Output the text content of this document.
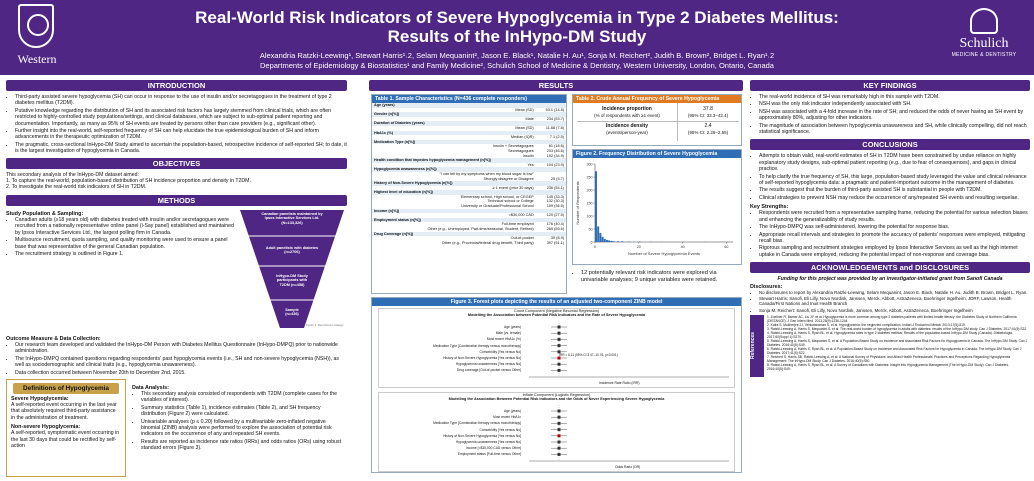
Western
Real-World Risk Indicators of Severe Hypoglycemia in Type 2 Diabetes Mellitus:
Results of the InHypo-DM Study
Alexandria Ratzki-Leewing¹, Stewart Harris¹˒2, Selam Mequanint², Jason E. Black¹, Natalie H. Au¹, Sonja M. Reichert², Judith B. Brown², Bridget L. Ryan¹˒2
Departments of Epidemiology & Biostatistics¹ and Family Medicine², Schulich School of Medicine & Dentistry, Western University, London, Ontario, Canada
Schulich
MEDICINE & DENTISTRY
INTRODUCTION
• Third-party assisted severe hypoglycemia (SH) can occur in response to the use of insulin and/or secretagogues in the treatment of type 2 diabetes mellitus (T2DM).
• Putative knowledge regarding the distribution of SH and its associated risk factors has largely stemmed from clinical trials, which are often restricted to highly-controlled study populations/settings, and clinical databases, which are subject to sub-optimal patient reporting and documentation. Importantly, as many as 95% of SH events are treated by persons other than care providers (e.g., significant other).
• Further insight into the real-world, self-reported frequency of SH can help elucidate the true epidemiological burden of SH and inform advancements in the therapeutic optimization of T2DM.
• The pragmatic, cross-sectional InHypo-DM Study aimed to ascertain the population-based, retrospective incidence of self-reported SH; to date, it is the largest investigation of hypoglycemia in Canada.
OBJECTIVES
This secondary analysis of the InHypo-DM dataset aimed:
1. To capture the real-world, population-based distribution of SH incidence proportion and density in T2DM.
2. To investigate the real-world risk indicators of SH in T2DM.
METHODS
Study Population & Sampling:
• Canadian adults (≥18 years old) with diabetes treated with insulin and/or secretagogues were recruited from a nationally representative online panel (i-Say panel) established and maintained by Ipsos Interactive Services Ltd., the largest polling firm in Canada.
• Multisource recruitment, quota sampling, and quality monitoring were used to ensure a panel base that was representative of the general Canadian population.
• The recruitment strategy is outlined in Figure 1.
Canadian panelists maintained by Ipsos Interactive Services Ltd. (N=133,326)
Adult panelists with diabetes (n=2706)
InHypo-DM Study participants with T2DM (n=458)
Sample (n=436)
Figure 1. Recruitment strategy
Outcome Measure & Data Collection:
• Our research team developed and validated the InHypo-DM Person with Diabetes Mellitus Questionnaire (InHypo-DMPQ) prior to nationwide administration.
• The InHypo-DMPQ contained questions regarding respondents' past hypoglycemia events (i.e., SH and non-severe hypoglycemia (NSH)), as well as sociodemographic and clinical traits (e.g., hypoglycemia unawareness).
• Data collection occurred between November 20th to December 2nd, 2015.
Definitions of Hypoglycemia
Severe Hypoglycemia:
A self-reported event occurring in the last year that absolutely required third-party assistance in the administration of treatment.
Non-severe Hypoglycemia:
A self-reported, symptomatic event occurring in the last 30 days that could be rectified by self-action
Data Analysis:
• This secondary analysis consisted of respondents with T2DM (complete cases for the variables of interest).
• Summary statistics (Table 1), incidence estimates (Table 2), and SH frequency distribution (Figure 2) were calculated.
• Univariable analyses (p ≤ 0.20) followed by a multivariable zero-inflated negative binomial (ZINB) analysis were performed to explore the association of potential risk indicators on the occurrence of any and repeated SH events.
• Results are reported as incidence rate ratios (IRRs) and odds ratios (ORs) using robust standard errors (Figure 3).
RESULTS
Table 1. Sample Characteristics (N=436 complete responders)
Age (years)	
Mean (SD)	53.1 (14.8)
Gender (n[%])	
Male	234 (53.7)
Duration of Diabetes (years)	
Mean (SD)	11.68 (7.8)
HbA1c (%)	
Median (IQR)	7.1 (2.5)
Medication Type (n[%])	
Insulin + Secretagogues	81 (18.6)
Secretagogues	203 (46.6)
Insulin	152 (34.9)
Health condition that impedes hypoglycemia management (n[%])	
Yes	104 (23.9)
Hypoglycemia unawareness (n[%])	
"I can tell by my symptoms when my blood sugar is low"	
Strongly disagree or Disagree	25 (5.7)
History of Non-Severe Hypoglycemia (n[%])	
≥ 1 event (prior 30 days)	236 (54.1)
Highest level of education (n[%])	
Elementary school, High school, or CEGEP	145 (33.3)
Technical school or College	132 (30.3)
University or Graduate/Professional School	159 (36.5)
Income (n[%])	
<$30,000 CAD	120 (27.5)
Employment status (n[%])	
Full-time employed	176 (40.4)
Other (e.g., Unemployed, Part-time/seasonal, Student, Retired)	260 (59.6)
Drug Coverage (n[%])	
Out-of-pocket	39 (8.9)
Other (e.g., Provincial/federal drug benefit, Third party)	397 (91.1)
Table 2. Crude Annual Frequency of Severe Hypoglycemia
Incidence proportion
(% of respondents with ≥1 event)
37.8
(95% CI: 33.3–42.4)
Incidence density
(events/person-year)
2.4
(95% CI: 2.26–2.55)
Figure 2. Frequency Distribution of Severe Hypoglycemia
0
50
100
150
200
250
300
0	20	40	60
Number of Severe Hypoglycemia Events
Number of Respondents
• 12 potentially relevant risk indicators were explored via univariable analyses; 9 unique variables were retained.
Figure 3. Forest plots depicting the results of an adjusted two-component ZINB model
Count Component (Negative Binomial Regression)
Modelling the Association between Potential Risk Indicators and the Rate of Severe Hypoglycemia
Age (years)
Male (vs. female)
Most recent HbA1c (%)
Medication Type [Combination therapy versus monotherapy]
Comorbidity [Yes versus No]
History of Non-Severe Hypoglycemia [Yes versus No]
Hypoglycemia unawareness [Yes versus No]
Drug coverage [Out-of-pocket versus Other]
IRR = 6.11 (95% CI 3.47–10.76, p<0.001)
Incidence Rate Ratio (IRR)
Inflate Component (Logistic Regression)
Modelling the Association Between Potential Risk Indicators and the Odds of Never Experiencing Severe Hypoglycemia
Age (years)
Most recent HbA1c
Medication Type [Combination therapy versus monotherapy]
Comorbidity [Yes versus No]
History of Non-Severe Hypoglycemia [Yes versus No]
Hypoglycemia unawareness [Yes versus No]
Income [<$30,000 CAD versus Other]
Employment status [Full-time versus Other]
Odds Ratio (OR)
KEY FINDINGS
• The real-world incidence of SH was remarkably high in this sample with T2DM.
• NSH was the only risk indicator independently associated with SH.
• NSH was associated with a 4-fold increase in the rate of SH; and reduced the odds of never having an SH event by approximately 80%, adjusting for other indicators.
• The magnitude of association between hypoglycemia unawareness and SH, while clinically compelling, did not reach statistical significance.
CONCLUSIONS
• Attempts to obtain valid, real-world estimates of SH in T2DM have been constrained by undue reliance on highly explanatory study designs, sub-optimal patient reporting (e.g., due to fear of consequences), and gaps in clinical practice.
• To help clarify the true frequency of SH, this large, population-based study leveraged the value and clinical relevance of self-reported hypoglycemia data: a pragmatic and patient-important outcome in the management of diabetes.
• The results suggest that the burden of third-party assisted SH is substantial in people with T2DM.
• Clinical strategies to prevent NSH may reduce the occurrence of any/repeated SH events and resulting sequelae.
Key Strengths:
• Respondents were recruited from a representative sampling frame, reducing the potential for various selection biases and enhancing the generalizability of study results.
• The InHypo-DMPQ was self-administered, lowering the potential for response bias.
• Appropriate recall intervals and strategies to promote the accuracy of patients' responses were employed, mitigating recall bias.
• Rigorous sampling and recruitment strategies employed by Ipsos Interactive Services as well as the high internet uptake in Canada were employed, reducing the potential impact of non-response and coverage bias.
ACKNOWLEDGEMENTS and DISCLOSURES
Funding for this project was provided by an investigator-initiated grant from Sanofi Canada
Disclosures:
• No disclosures to report by Alexandria Ratzki-Leewing, Selam Mequanint, Jason E. Black, Natalie H. Au, Judith B. Brown, Bridget L. Ryan.
• Stewart Harris: Sanofi, Eli Lilly, Novo Nordisk, Janssen, Merck, Abbott, AstraZeneca, Boehringer Ingelheim, JDRF, Lawson, Health Canada/First Nations and Inuit Health Branch
• Sonja M. Reichert: Sanofi, Eli Lilly, Novo Nordisk, Janssen, Merck, Abbott, AstraZeneca, Boehringer Ingelheim
References
1. Zoellner R, Barner AC, Liu JY, et al. Hypoglycemia is more common among type 2 diabetes patients with limited health literacy: the Diabetes Study of Northern California (DISTANCE). J Gen Intern Med. 2013;28(9):1236-1244.
2. Kalra S, Mukherjee JJ, Venkataraman S, et al. Hypoglycemia: the neglected complication. Indian J Endocrinol Metab. 2013;17(5):819.
3. Ratzki-Leewing A, Harris S, Mequanint S, et al. The real-world burden of hypoglycemia in adults with diabetes: results of the InHypo-DM study. Can J Diabetes. 2017;41(5):S22.
4. Ratzki-Leewing A, Harris S, Ryan BL, et al. Hypoglycemia rates in type 2 diabetes mellitus: Results of the population-based InHypo-DM Study (Canada). Diabetologia. 2017;60(Suppl 1):S270.
5. Ratzki-Leewing A, Harris S, Mequanint S, et al. A Population-Based Study on Incidence and Associated Risk Factors for Hypoglycemia in Canada: The InHypo-DM Study. Can J Diabetes. 2016;40(5):S49.
6. Ratzki-Leewing A, Harris S, Ryan BL, et al. A Population-Based Study on Incidence and Associated Risk Factors for Hypoglycemia in Canada: The InHypo-DM Study. Can J Diabetes. 2017;41(5):S22.
7. Reichert S, Harris SB, Ratzki-Leewing A, et al. A National Survey of Physicians' and Allied Health Professionals' Practices and Perceptions Regarding Hypoglycemia Management: The InHypo-DM Study. Can J Diabetes. 2016;40(5):S50.
8. Ratzki-Leewing A, Harris S, Ryan BL, et al. A Survey of Canadians with Diabetes: Insight into Hypoglycemia Management (The InHypo-DM Study). Can J Diabetes. 2016;40(5):S49.
